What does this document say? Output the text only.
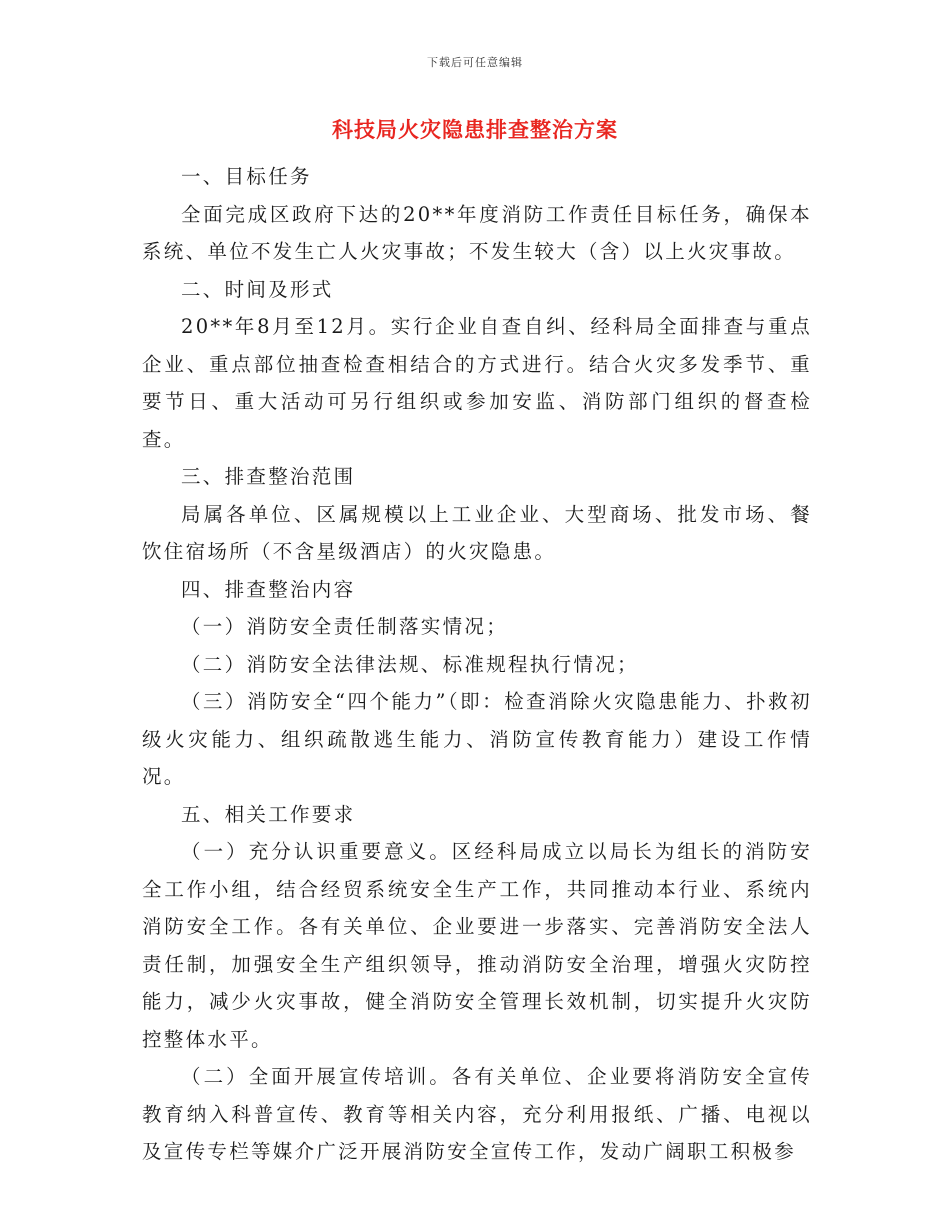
下载后可任意编辑
科技局火灾隐患排查整治方案

一、目标任务

全面完成区政府下达的20**年度消防工作责任目标任务，确保本系统、单位不发生亡人火灾事故；不发生较大（含）以上火灾事故。

二、时间及形式

20**年8月至12月。实行企业自查自纠、经科局全面排查与重点企业、重点部位抽查检查相结合的方式进行。结合火灾多发季节、重要节日、重大活动可另行组织或参加安监、消防部门组织的督查检查。

三、排查整治范围

局属各单位、区属规模以上工业企业、大型商场、批发市场、餐饮住宿场所（不含星级酒店）的火灾隐患。

四、排查整治内容

（一）消防安全责任制落实情况；

（二）消防安全法律法规、标准规程执行情况；

（三）消防安全“四个能力”（即：检查消除火灾隐患能力、扑救初级火灾能力、组织疏散逃生能力、消防宣传教育能力）建设工作情况。

五、相关工作要求

（一）充分认识重要意义。区经科局成立以局长为组长的消防安全工作小组，结合经贸系统安全生产工作，共同推动本行业、系统内消防安全工作。各有关单位、企业要进一步落实、完善消防安全法人责任制，加强安全生产组织领导，推动消防安全治理，增强火灾防控能力，减少火灾事故，健全消防安全管理长效机制，切实提升火灾防控整体水平。

（二）全面开展宣传培训。各有关单位、企业要将消防安全宣传教育纳入科普宣传、教育等相关内容，充分利用报纸、广播、电视以及宣传专栏等媒介广泛开展消防安全宣传工作，发动广阔职工积极参
